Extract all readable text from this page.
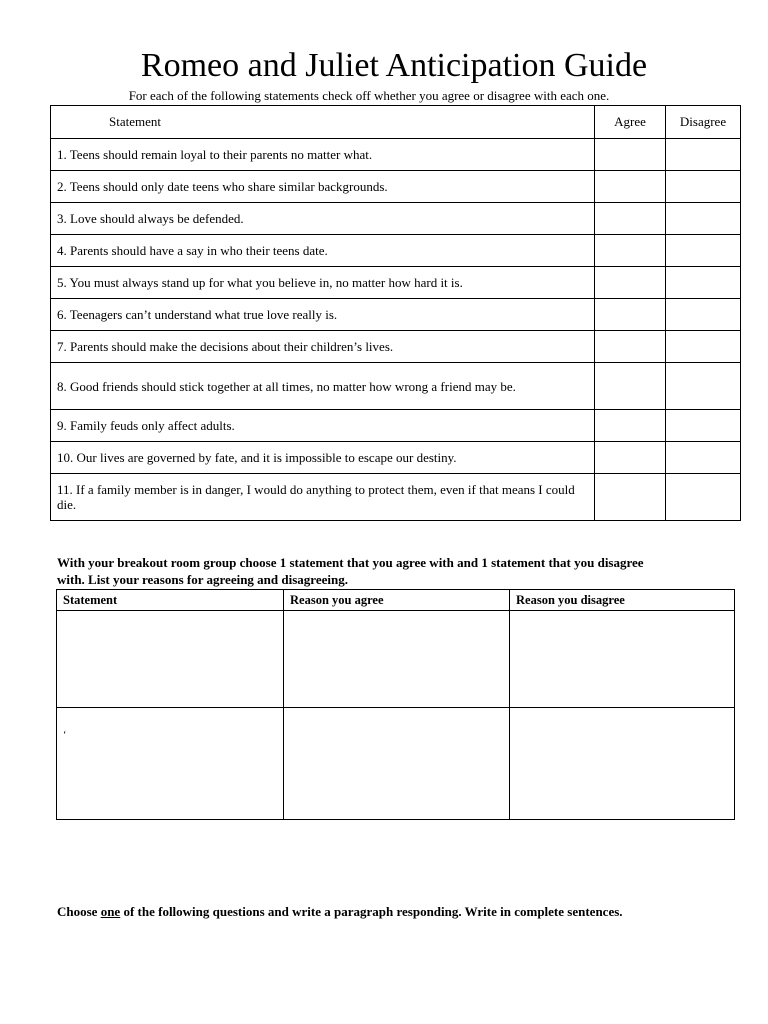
Romeo and Juliet Anticipation Guide
For each of the following statements check off whether you agree or disagree with each one.
Statement	Agree	Disagree
1. Teens should remain loyal to their parents no matter what.		
2. Teens should only date teens who share similar backgrounds.		
3. Love should always be defended.		
4. Parents should have a say in who their teens date.		
5. You must always stand up for what you believe in, no matter how hard it is.		
6. Teenagers can’t understand what true love really is.		
7. Parents should make the decisions about their children’s lives.		
8. Good friends should stick together at all times, no matter how wrong a friend may be.		
9. Family feuds only affect adults.		
10. Our lives are governed by fate, and it is impossible to escape our destiny.		
11. If a family member is in danger, I would do anything to protect them, even if that means I could die.		
With your breakout room group choose 1 statement that you agree with and 1 statement that you disagree with. List your reasons for agreeing and disagreeing.
Statement	Reason you agree	Reason you disagree

$_‘$		
Choose one of the following questions and write a paragraph responding. Write in complete sentences.
